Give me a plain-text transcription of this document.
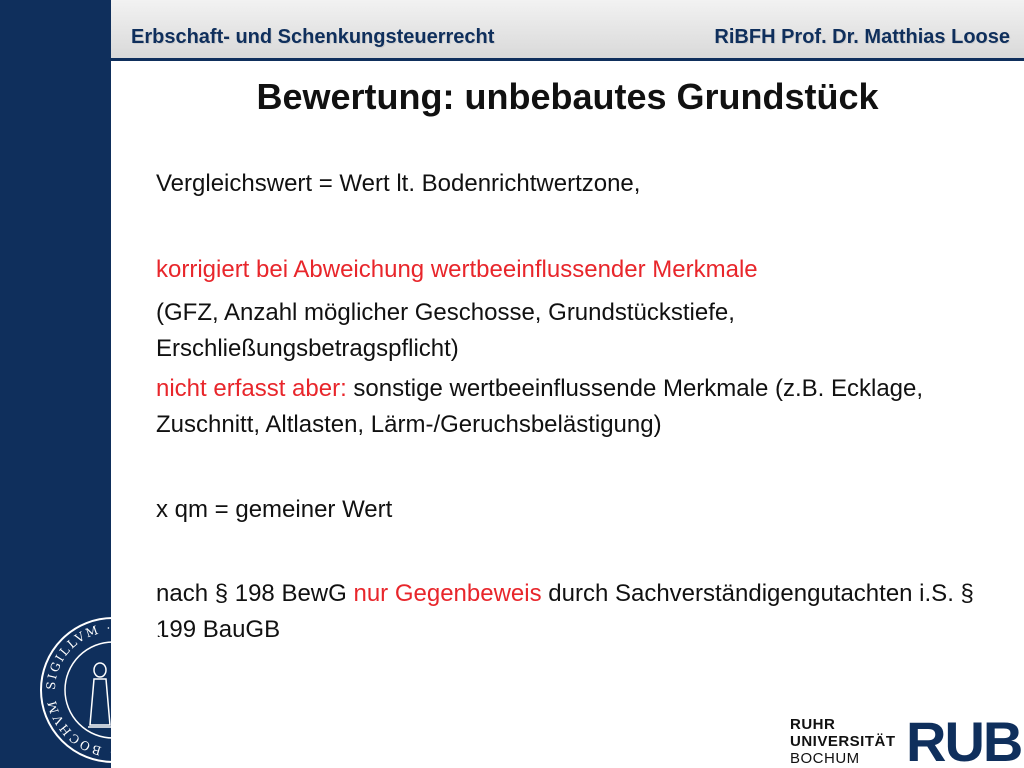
Erbschaft- und Schenkungsteuerrecht	RiBFH Prof. Dr. Matthias Loose
Bewertung: unbebautes Grundstück

Vergleichswert = Wert lt. Bodenrichtwertzone,

korrigiert bei Abweichung wertbeeinflussender Merkmale

(GFZ, Anzahl möglicher Geschosse, Grundstückstiefe, Erschließungsbetragspflicht)

nicht erfasst aber: sonstige wertbeeinflussende Merkmale (z.B. Ecklage, Zuschnitt, Altlasten, Lärm-/Geruchsbelästigung)

x qm = gemeiner Wert

nach § 198 BewG nur Gegenbeweis durch Sachverständigengutachten i.S. § 199 BauGB

SIGILLVM · RVHR-VNIVERSITAET · BOCHVM
RUHR
UNIVERSITÄT
BOCHUM RUB
